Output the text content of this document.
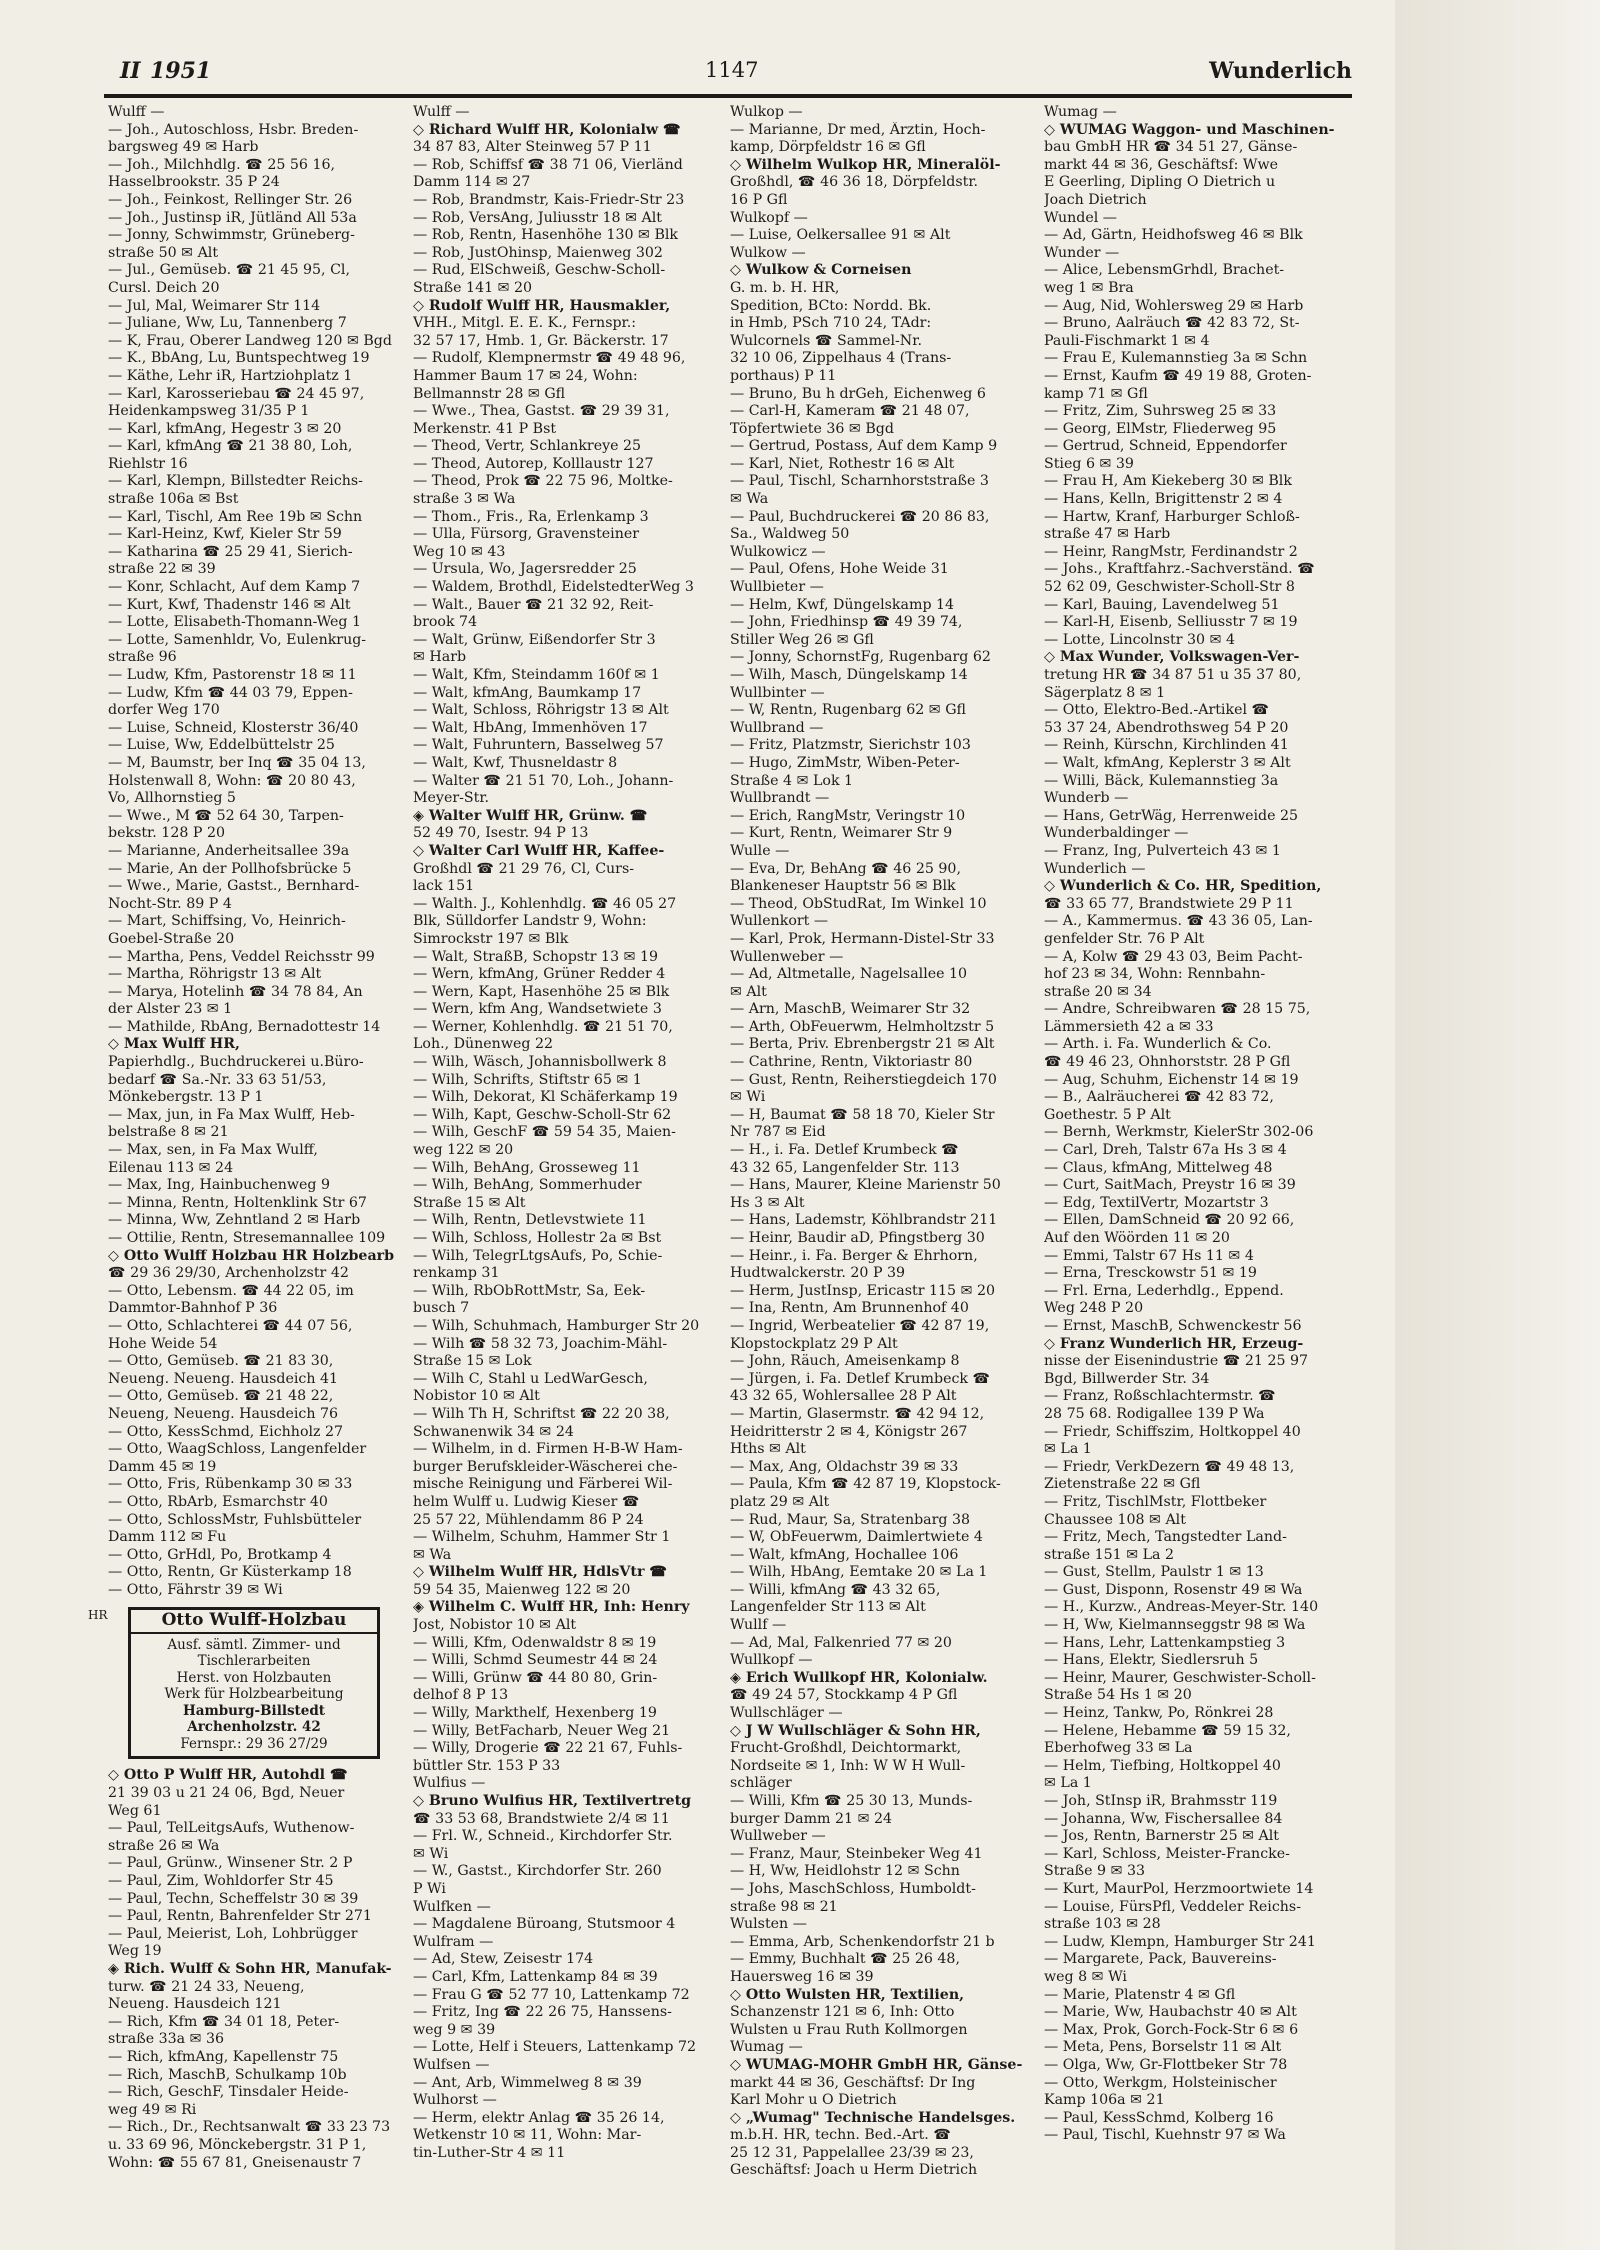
II 1951	1147	Wunderlich
Wulff —
— Joh., Autoschloss, Hsbr. Breden-
bargsweg 49 ✉ Harb
— Joh., Milchhdlg. ☎ 25 56 16,
Hasselbrookstr. 35 P 24
— Joh., Feinkost, Rellinger Str. 26
— Joh., Justinsp iR, Jütländ All 53a
— Jonny, Schwimmstr, Grüneberg-
straße 50 ✉ Alt
— Jul., Gemüseb. ☎ 21 45 95, Cl,
Cursl. Deich 20
— Jul, Mal, Weimarer Str 114
— Juliane, Ww, Lu, Tannenberg 7
— K, Frau, Oberer Landweg 120 ✉ Bgd
— K., BbAng, Lu, Buntspechtweg 19
— Käthe, Lehr iR, Hartziohplatz 1
— Karl, Karosseriebau ☎ 24 45 97,
Heidenkampsweg 31/35 P 1
— Karl, kfmAng, Hegestr 3 ✉ 20
— Karl, kfmAng ☎ 21 38 80, Loh,
Riehlstr 16
— Karl, Klempn, Billstedter Reichs-
straße 106a ✉ Bst
— Karl, Tischl, Am Ree 19b ✉ Schn
— Karl-Heinz, Kwf, Kieler Str 59
— Katharina ☎ 25 29 41, Sierich-
straße 22 ✉ 39
— Konr, Schlacht, Auf dem Kamp 7
— Kurt, Kwf, Thadenstr 146 ✉ Alt
— Lotte, Elisabeth-Thomann-Weg 1
— Lotte, Samenhldr, Vo, Eulenkrug-
straße 96
— Ludw, Kfm, Pastorenstr 18 ✉ 11
— Ludw, Kfm ☎ 44 03 79, Eppen-
dorfer Weg 170
— Luise, Schneid, Klosterstr 36/40
— Luise, Ww, Eddelbüttelstr 25
— M, Baumstr, ber Inq ☎ 35 04 13,
Holstenwall 8, Wohn: ☎ 20 80 43,
Vo, Allhornstieg 5
— Wwe., M ☎ 52 64 30, Tarpen-
bekstr. 128 P 20
— Marianne, Anderheitsallee 39a
— Marie, An der Pollhofsbrücke 5
— Wwe., Marie, Gastst., Bernhard-
Nocht-Str. 89 P 4
— Mart, Schiffsing, Vo, Heinrich-
Goebel-Straße 20
— Martha, Pens, Veddel Reichsstr 99
— Martha, Röhrigstr 13 ✉ Alt
— Marya, Hotelinh ☎ 34 78 84, An
der Alster 23 ✉ 1
— Mathilde, RbAng, Bernadottestr 14
◇ Max Wulff HR,
Papierhdlg., Buchdruckerei u.Büro-
bedarf ☎ Sa.-Nr. 33 63 51/53,
Mönkebergstr. 13 P 1
— Max, jun, in Fa Max Wulff, Heb-
belstraße 8 ✉ 21
— Max, sen, in Fa Max Wulff,
Eilenau 113 ✉ 24
— Max, Ing, Hainbuchenweg 9
— Minna, Rentn, Holtenklink Str 67
— Minna, Ww, Zehntland 2 ✉ Harb
— Ottilie, Rentn, Stresemannallee 109
◇ Otto Wulff Holzbau HR Holzbearb
☎ 29 36 29/30, Archenholzstr 42
— Otto, Lebensm. ☎ 44 22 05, im
Dammtor-Bahnhof P 36
— Otto, Schlachterei ☎ 44 07 56,
Hohe Weide 54
— Otto, Gemüseb. ☎ 21 83 30,
Neueng. Neueng. Hausdeich 41
— Otto, Gemüseb. ☎ 21 48 22,
Neueng, Neueng. Hausdeich 76
— Otto, KessSchmd, Eichholz 27
— Otto, WaagSchloss, Langenfelder
Damm 45 ✉ 19
— Otto, Fris, Rübenkamp 30 ✉ 33
— Otto, RbArb, Esmarchstr 40
— Otto, SchlossMstr, Fuhlsbütteler
Damm 112 ✉ Fu
— Otto, GrHdl, Po, Brotkamp 4
— Otto, Rentn, Gr Küsterkamp 18
— Otto, Fährstr 39 ✉ Wi
HR	Otto Wulff-Holzbau
Ausf. sämtl. Zimmer- und
Tischlerarbeiten
Herst. von Holzbauten
Werk für Holzbearbeitung
Hamburg-Billstedt
Archenholzstr. 42
Fernspr.: 29 36 27/29
◇ Otto P Wulff HR, Autohdl ☎
21 39 03 u 21 24 06, Bgd, Neuer
Weg 61
— Paul, TelLeitgsAufs, Wuthenow-
straße 26 ✉ Wa
— Paul, Grünw., Winsener Str. 2 P
— Paul, Zim, Wohldorfer Str 45
— Paul, Techn, Scheffelstr 30 ✉ 39
— Paul, Rentn, Bahrenfelder Str 271
— Paul, Meierist, Loh, Lohbrügger
Weg 19
◈ Rich. Wulff & Sohn HR, Manufak-
turw. ☎ 21 24 33, Neueng,
Neueng. Hausdeich 121
— Rich, Kfm ☎ 34 01 18, Peter-
straße 33a ✉ 36
— Rich, kfmAng, Kapellenstr 75
— Rich, MaschB, Schulkamp 10b
— Rich, GeschF, Tinsdaler Heide-
weg 49 ✉ Ri
— Rich., Dr., Rechtsanwalt ☎ 33 23 73
u. 33 69 96, Mönckebergstr. 31 P 1,
Wohn: ☎ 55 67 81, Gneisenaustr 7
Wulff —
◇ Richard Wulff HR, Kolonialw ☎
34 87 83, Alter Steinweg 57 P 11
— Rob, Schiffsf ☎ 38 71 06, Vierländ
Damm 114 ✉ 27
— Rob, Brandmstr, Kais-Friedr-Str 23
— Rob, VersAng, Juliusstr 18 ✉ Alt
— Rob, Rentn, Hasenhöhe 130 ✉ Blk
— Rob, JustOhinsp, Maienweg 302
— Rud, ElSchweiß, Geschw-Scholl-
Straße 141 ✉ 20
◇ Rudolf Wulff HR, Hausmakler,
VHH., Mitgl. E. E. K., Fernspr.:
32 57 17, Hmb. 1, Gr. Bäckerstr. 17
— Rudolf, Klempnermstr ☎ 49 48 96,
Hammer Baum 17 ✉ 24, Wohn:
Bellmannstr 28 ✉ Gfl
— Wwe., Thea, Gastst. ☎ 29 39 31,
Merkenstr. 41 P Bst
— Theod, Vertr, Schlankreye 25
— Theod, Autorep, Kolllaustr 127
— Theod, Prok ☎ 22 75 96, Moltke-
straße 3 ✉ Wa
— Thom., Fris., Ra, Erlenkamp 3
— Ulla, Fürsorg, Gravensteiner
Weg 10 ✉ 43
— Ursula, Wo, Jagersredder 25
— Waldem, Brothdl, EidelstedterWeg 3
— Walt., Bauer ☎ 21 32 92, Reit-
brook 74
— Walt, Grünw, Eißendorfer Str 3
✉ Harb
— Walt, Kfm, Steindamm 160f ✉ 1
— Walt, kfmAng, Baumkamp 17
— Walt, Schloss, Röhrigstr 13 ✉ Alt
— Walt, HbAng, Immenhöven 17
— Walt, Fuhruntern, Basselweg 57
— Walt, Kwf, Thusneldastr 8
— Walter ☎ 21 51 70, Loh., Johann-
Meyer-Str.
◈ Walter Wulff HR, Grünw. ☎
52 49 70, Isestr. 94 P 13
◇ Walter Carl Wulff HR, Kaffee-
Großhdl ☎ 21 29 76, Cl, Curs-
lack 151
— Walth. J., Kohlenhdlg. ☎ 46 05 27
Blk, Sülldorfer Landstr 9, Wohn:
Simrockstr 197 ✉ Blk
— Walt, StraßB, Schopstr 13 ✉ 19
— Wern, kfmAng, Grüner Redder 4
— Wern, Kapt, Hasenhöhe 25 ✉ Blk
— Wern, kfm Ang, Wandsetwiete 3
— Werner, Kohlenhdlg. ☎ 21 51 70,
Loh., Dünenweg 22
— Wilh, Wäsch, Johannisbollwerk 8
— Wilh, Schrifts, Stiftstr 65 ✉ 1
— Wilh, Dekorat, Kl Schäferkamp 19
— Wilh, Kapt, Geschw-Scholl-Str 62
— Wilh, GeschF ☎ 59 54 35, Maien-
weg 122 ✉ 20
— Wilh, BehAng, Grosseweg 11
— Wilh, BehAng, Sommerhuder
Straße 15 ✉ Alt
— Wilh, Rentn, Detlevstwiete 11
— Wilh, Schloss, Hollestr 2a ✉ Bst
— Wilh, TelegrLtgsAufs, Po, Schie-
renkamp 31
— Wilh, RbObRottMstr, Sa, Eek-
busch 7
— Wilh, Schuhmach, Hamburger Str 20
— Wilh ☎ 58 32 73, Joachim-Mähl-
Straße 15 ✉ Lok
— Wilh C, Stahl u LedWarGesch,
Nobistor 10 ✉ Alt
— Wilh Th H, Schriftst ☎ 22 20 38,
Schwanenwik 34 ✉ 24
— Wilhelm, in d. Firmen H-B-W Ham-
burger Berufskleider-Wäscherei che-
mische Reinigung und Färberei Wil-
helm Wulff u. Ludwig Kieser ☎
25 57 22, Mühlendamm 86 P 24
— Wilhelm, Schuhm, Hammer Str 1
✉ Wa
◇ Wilhelm Wulff HR, HdlsVtr ☎
59 54 35, Maienweg 122 ✉ 20
◈ Wilhelm C. Wulff HR, Inh: Henry
Jost, Nobistor 10 ✉ Alt
— Willi, Kfm, Odenwaldstr 8 ✉ 19
— Willi, Schmd Seumestr 44 ✉ 24
— Willi, Grünw ☎ 44 80 80, Grin-
delhof 8 P 13
— Willy, Markthelf, Hexenberg 19
— Willy, BetFacharb, Neuer Weg 21
— Willy, Drogerie ☎ 22 21 67, Fuhls-
büttler Str. 153 P 33
Wulfius —
◇ Bruno Wulfius HR, Textilvertretg
☎ 33 53 68, Brandstwiete 2/4 ✉ 11
— Frl. W., Schneid., Kirchdorfer Str.
✉ Wi
— W., Gastst., Kirchdorfer Str. 260
P Wi
Wulfken —
— Magdalene Büroang, Stutsmoor 4
Wulfram —
— Ad, Stew, Zeisestr 174
— Carl, Kfm, Lattenkamp 84 ✉ 39
— Frau G ☎ 52 77 10, Lattenkamp 72
— Fritz, Ing ☎ 22 26 75, Hanssens-
weg 9 ✉ 39
— Lotte, Helf i Steuers, Lattenkamp 72
Wulfsen —
— Ant, Arb, Wimmelweg 8 ✉ 39
Wulhorst —
— Herm, elektr Anlag ☎ 35 26 14,
Wetkenstr 10 ✉ 11, Wohn: Mar-
tin-Luther-Str 4 ✉ 11
Wulkop —
— Marianne, Dr med, Ärztin, Hoch-
kamp, Dörpfeldstr 16 ✉ Gfl
◇ Wilhelm Wulkop HR, Mineralöl-
Großhdl, ☎ 46 36 18, Dörpfeldstr.
16 P Gfl
Wulkopf —
— Luise, Oelkersallee 91 ✉ Alt
Wulkow —
◇ Wulkow & Corneisen
G. m. b. H. HR,
Spedition, BCto: Nordd. Bk.
in Hmb, PSch 710 24, TAdr:
Wulcornels ☎ Sammel-Nr.
32 10 06, Zippelhaus 4 (Trans-
porthaus) P 11
— Bruno, Bu h drGeh, Eichenweg 6
— Carl-H, Kameram ☎ 21 48 07,
Töpfertwiete 36 ✉ Bgd
— Gertrud, Postass, Auf dem Kamp 9
— Karl, Niet, Rothestr 16 ✉ Alt
— Paul, Tischl, Scharnhorststraße 3
✉ Wa
— Paul, Buchdruckerei ☎ 20 86 83,
Sa., Waldweg 50
Wulkowicz —
— Paul, Ofens, Hohe Weide 31
Wullbieter —
— Helm, Kwf, Düngelskamp 14
— John, Friedhinsp ☎ 49 39 74,
Stiller Weg 26 ✉ Gfl
— Jonny, SchornstFg, Rugenbarg 62
— Wilh, Masch, Düngelskamp 14
Wullbinter —
— W, Rentn, Rugenbarg 62 ✉ Gfl
Wullbrand —
— Fritz, Platzmstr, Sierichstr 103
— Hugo, ZimMstr, Wiben-Peter-
Straße 4 ✉ Lok 1
Wullbrandt —
— Erich, RangMstr, Veringstr 10
— Kurt, Rentn, Weimarer Str 9
Wulle —
— Eva, Dr, BehAng ☎ 46 25 90,
Blankeneser Hauptstr 56 ✉ Blk
— Theod, ObStudRat, Im Winkel 10
Wullenkort —
— Karl, Prok, Hermann-Distel-Str 33
Wullenweber —
— Ad, Altmetalle, Nagelsallee 10
✉ Alt
— Arn, MaschB, Weimarer Str 32
— Arth, ObFeuerwm, Helmholtzstr 5
— Berta, Priv. Ebrenbergstr 21 ✉ Alt
— Cathrine, Rentn, Viktoriastr 80
— Gust, Rentn, Reiherstiegdeich 170
✉ Wi
— H, Baumat ☎ 58 18 70, Kieler Str
Nr 787 ✉ Eid
— H., i. Fa. Detlef Krumbeck ☎
43 32 65, Langenfelder Str. 113
— Hans, Maurer, Kleine Marienstr 50
Hs 3 ✉ Alt
— Hans, Lademstr, Köhlbrandstr 211
— Heinr, Baudir aD, Pfingstberg 30
— Heinr., i. Fa. Berger & Ehrhorn,
Hudtwalckerstr. 20 P 39
— Herm, JustInsp, Ericastr 115 ✉ 20
— Ina, Rentn, Am Brunnenhof 40
— Ingrid, Werbeatelier ☎ 42 87 19,
Klopstockplatz 29 P Alt
— John, Räuch, Ameisenkamp 8
— Jürgen, i. Fa. Detlef Krumbeck ☎
43 32 65, Wohlersallee 28 P Alt
— Martin, Glasermstr. ☎ 42 94 12,
Heidritterstr 2 ✉ 4, Königstr 267
Hths ✉ Alt
— Max, Ang, Oldachstr 39 ✉ 33
— Paula, Kfm ☎ 42 87 19, Klopstock-
platz 29 ✉ Alt
— Rud, Maur, Sa, Stratenbarg 38
— W, ObFeuerwm, Daimlertwiete 4
— Walt, kfmAng, Hochallee 106
— Wilh, HbAng, Eemtake 20 ✉ La 1
— Willi, kfmAng ☎ 43 32 65,
Langenfelder Str 113 ✉ Alt
Wullf —
— Ad, Mal, Falkenried 77 ✉ 20
Wullkopf —
◈ Erich Wullkopf HR, Kolonialw.
☎ 49 24 57, Stockkamp 4 P Gfl
Wullschläger —
◇ J W Wullschläger & Sohn HR,
Frucht-Großhdl, Deichtormarkt,
Nordseite ✉ 1, Inh: W W H Wull-
schläger
— Willi, Kfm ☎ 25 30 13, Munds-
burger Damm 21 ✉ 24
Wullweber —
— Franz, Maur, Steinbeker Weg 41
— H, Ww, Heidlohstr 12 ✉ Schn
— Johs, MaschSchloss, Humboldt-
straße 98 ✉ 21
Wulsten —
— Emma, Arb, Schenkendorfstr 21 b
— Emmy, Buchhalt ☎ 25 26 48,
Hauersweg 16 ✉ 39
◇ Otto Wulsten HR, Textilien,
Schanzenstr 121 ✉ 6, Inh: Otto
Wulsten u Frau Ruth Kollmorgen
Wumag —
◇ WUMAG-MOHR GmbH HR, Gänse-
markt 44 ✉ 36, Geschäftsf: Dr Ing
Karl Mohr u O Dietrich
◇ „Wumag" Technische Handelsges.
m.b.H. HR, techn. Bed.-Art. ☎
25 12 31, Pappelallee 23/39 ✉ 23,
Geschäftsf: Joach u Herm Dietrich
Wumag —
◇ WUMAG Waggon- und Maschinen-
bau GmbH HR ☎ 34 51 27, Gänse-
markt 44 ✉ 36, Geschäftsf: Wwe
E Geerling, Dipling O Dietrich u
Joach Dietrich
Wundel —
— Ad, Gärtn, Heidhofsweg 46 ✉ Blk
Wunder —
— Alice, LebensmGrhdl, Brachet-
weg 1 ✉ Bra
— Aug, Nid, Wohlersweg 29 ✉ Harb
— Bruno, Aalräuch ☎ 42 83 72, St-
Pauli-Fischmarkt 1 ✉ 4
— Frau E, Kulemannstieg 3a ✉ Schn
— Ernst, Kaufm ☎ 49 19 88, Groten-
kamp 71 ✉ Gfl
— Fritz, Zim, Suhrsweg 25 ✉ 33
— Georg, ElMstr, Fliederweg 95
— Gertrud, Schneid, Eppendorfer
Stieg 6 ✉ 39
— Frau H, Am Kiekeberg 30 ✉ Blk
— Hans, Kelln, Brigittenstr 2 ✉ 4
— Hartw, Kranf, Harburger Schloß-
straße 47 ✉ Harb
— Heinr, RangMstr, Ferdinandstr 2
— Johs., Kraftfahrz.-Sachverständ. ☎
52 62 09, Geschwister-Scholl-Str 8
— Karl, Bauing, Lavendelweg 51
— Karl-H, Eisenb, Selliusstr 7 ✉ 19
— Lotte, Lincolnstr 30 ✉ 4
◇ Max Wunder, Volkswagen-Ver-
tretung HR ☎ 34 87 51 u 35 37 80,
Sägerplatz 8 ✉ 1
— Otto, Elektro-Bed.-Artikel ☎
53 37 24, Abendrothsweg 54 P 20
— Reinh, Kürschn, Kirchlinden 41
— Walt, kfmAng, Keplerstr 3 ✉ Alt
— Willi, Bäck, Kulemannstieg 3a
Wunderb —
— Hans, GetrWäg, Herrenweide 25
Wunderbaldinger —
— Franz, Ing, Pulverteich 43 ✉ 1
Wunderlich —
◇ Wunderlich & Co. HR, Spedition,
☎ 33 65 77, Brandstwiete 29 P 11
— A., Kammermus. ☎ 43 36 05, Lan-
genfelder Str. 76 P Alt
— A, Kolw ☎ 29 43 03, Beim Pacht-
hof 23 ✉ 34, Wohn: Rennbahn-
straße 20 ✉ 34
— Andre, Schreibwaren ☎ 28 15 75,
Lämmersieth 42 a ✉ 33
— Arth. i. Fa. Wunderlich & Co.
☎ 49 46 23, Ohnhorststr. 28 P Gfl
— Aug, Schuhm, Eichenstr 14 ✉ 19
— B., Aalräucherei ☎ 42 83 72,
Goethestr. 5 P Alt
— Bernh, Werkmstr, KielerStr 302-06
— Carl, Dreh, Talstr 67a Hs 3 ✉ 4
— Claus, kfmAng, Mittelweg 48
— Curt, SaitMach, Preystr 16 ✉ 39
— Edg, TextilVertr, Mozartstr 3
— Ellen, DamSchneid ☎ 20 92 66,
Auf den Wöörden 11 ✉ 20
— Emmi, Talstr 67 Hs 11 ✉ 4
— Erna, Tresckowstr 51 ✉ 19
— Frl. Erna, Lederhdlg., Eppend.
Weg 248 P 20
— Ernst, MaschB, Schwenckestr 56
◇ Franz Wunderlich HR, Erzeug-
nisse der Eisenindustrie ☎ 21 25 97
Bgd, Billwerder Str. 34
— Franz, Roßschlachtermstr. ☎
28 75 68. Rodigallee 139 P Wa
— Friedr, Schiffszim, Holtkoppel 40
✉ La 1
— Friedr, VerkDezern ☎ 49 48 13,
Zietenstraße 22 ✉ Gfl
— Fritz, TischlMstr, Flottbeker
Chaussee 108 ✉ Alt
— Fritz, Mech, Tangstedter Land-
straße 151 ✉ La 2
— Gust, Stellm, Paulstr 1 ✉ 13
— Gust, Disponn, Rosenstr 49 ✉ Wa
— H., Kurzw., Andreas-Meyer-Str. 140
— H, Ww, Kielmannseggstr 98 ✉ Wa
— Hans, Lehr, Lattenkampstieg 3
— Hans, Elektr, Siedlersruh 5
— Heinr, Maurer, Geschwister-Scholl-
Straße 54 Hs 1 ✉ 20
— Heinz, Tankw, Po, Rönkrei 28
— Helene, Hebamme ☎ 59 15 32,
Eberhofweg 33 ✉ La
— Helm, Tiefbing, Holtkoppel 40
✉ La 1
— Joh, StInsp iR, Brahmsstr 119
— Johanna, Ww, Fischersallee 84
— Jos, Rentn, Barnerstr 25 ✉ Alt
— Karl, Schloss, Meister-Francke-
Straße 9 ✉ 33
— Kurt, MaurPol, Herzmoortwiete 14
— Louise, FürsPfl, Veddeler Reichs-
straße 103 ✉ 28
— Ludw, Klempn, Hamburger Str 241
— Margarete, Pack, Bauvereins-
weg 8 ✉ Wi
— Marie, Platenstr 4 ✉ Gfl
— Marie, Ww, Haubachstr 40 ✉ Alt
— Max, Prok, Gorch-Fock-Str 6 ✉ 6
— Meta, Pens, Borselstr 11 ✉ Alt
— Olga, Ww, Gr-Flottbeker Str 78
— Otto, Werkgm, Holsteinischer
Kamp 106a ✉ 21
— Paul, KessSchmd, Kolberg 16
— Paul, Tischl, Kuehnstr 97 ✉ Wa
